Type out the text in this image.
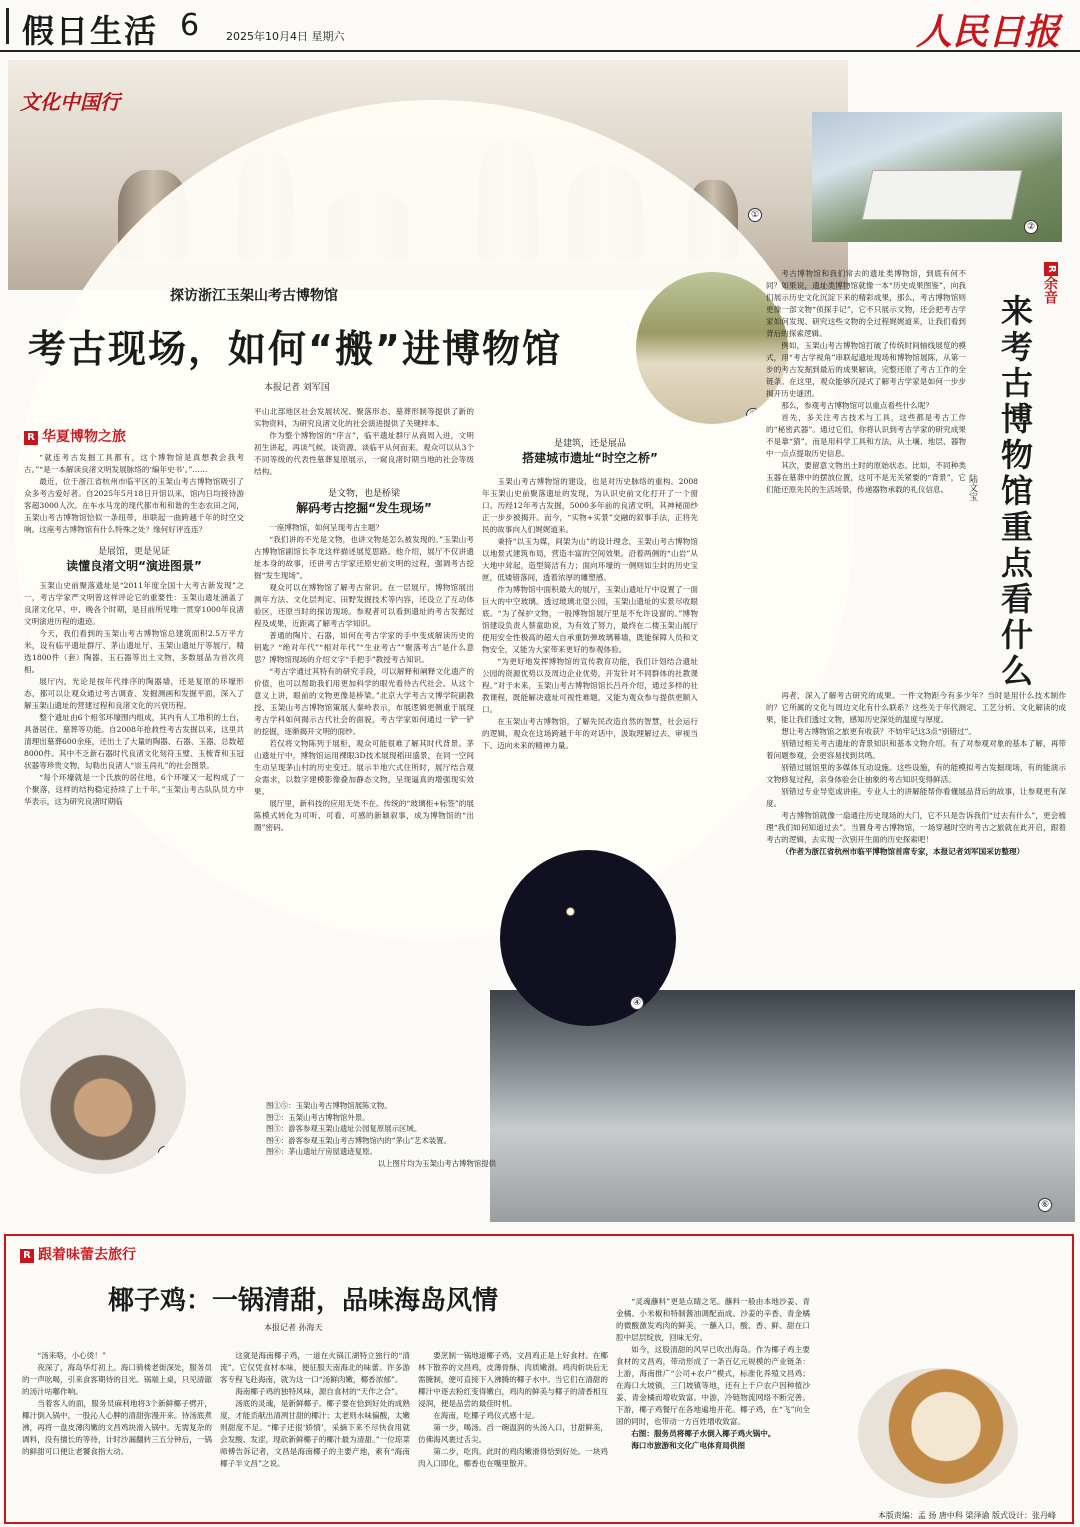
假日生活 6 2025年10月4日 星期六	人民日报
①
文化中国行
②
③
⑥
④
⑤
探访浙江玉架山考古博物馆
考古现场，如何“搬”进博物馆
本报记者 刘军国
R 华夏博物之旅

“就连考古发掘工具都有，这个博物馆是真想教会我考古。”“是一本解读良渚文明发展脉络的‘编年史书’。”……

最近，位于浙江省杭州市临平区的玉架山考古博物馆吸引了众多考古爱好者。自2025年5月18日开馆以来，馆内日均接待游客超3000人次。在车水马龙的现代都市和和谐的生态农田之间，玉架山考古博物馆恰似一条纽带，串联起一曲跨越千年的时空交响。这座考古博物馆有什么特殊之处？缘何好评连连？

是展馆，更是见证
读懂良渚文明“演进图景”

玉架山史前聚落遗址是“2011年度全国十大考古新发现”之一，考古学家严文明曾这样评论它的重要性：玉架山遗址涵盖了良渚文化早、中、晚各个时期，是目前所见唯一贯穿1000年良渚文明演进历程的遗迹。

今天，我们看到的玉架山考古博物馆总建筑面积2.5万平方米，设有临平遗址群厅、茅山遗址厅、玉架山遗址厅等展厅，精选1800件（套）陶器、玉石器等出土文物，多数展品为首次亮相。

展厅内，光论是按年代排序的陶器墙，还是复原的环壕形态，都可以让观众通过考古调查、发掘测画和发掘平面，深入了解玉架山遗址的营建过程和良渚文化的兴衰历程。

整个遗址由6个相邻环壕围内组成，其内有人工堆积的土台，具备居住、墓葬等功能。自2008年抢救性考古发掘以来，这里共清理出墓葬600余座，还出土了大量的陶器、石器、玉器，总数超8000件。其中不乏新石器时代良渚文化刻符玉璧、玉梳背和玉冠状器等珍贵文物，勾勒出良渚人“崇玉尚礼”的社会图景。

“每个环壕就是一个氏族的居住地，6个环壕又一起构成了一个聚落，这样的结构稳定持续了上千年。”玉架山考古队队员方中华表示，这为研究良渚时期临

平山北部地区社会发展状况、聚落形态、墓葬形制等提供了新的实物资料，为研究良渚文化的社会演进提供了关键样本。

作为整个博物馆的“序言”，临平遗址群厅从商周入进，文明初生讲起，再谈气候、谈资源、谈临平从何而来。观众可以从3个不同等级的代表性墓葬复原展示，一窥良渚时期当地的社会等级结构。

是文物，也是桥梁
解码考古挖掘“发生现场”

一座博物馆，如何呈现考古主题？

“我们讲的不光是文物，也讲文物是怎么被发现的。”玉架山考古博物馆副馆长李龙这样描述展览思路。他介绍，展厅不仅讲遗址本身的故事，还讲考古学家还原史前文明的过程，强调考古挖掘“发生现场”。

观众可以在博物馆了解考古常识。在一层展厅，博物馆展出测年方法、文化层判定、田野发掘技术等内容，还设立了互动体验区，还原当时的探访现场。参观者可以看到遗址的考古发掘过程及成果，近距离了解考古学知识。

普通的陶片、石器，如何在考古学家的手中变成解读历史的钥匙？“绝对年代”“相对年代”“生业考古”“聚落考古”是什么意思？博物馆现场的介绍文字“手把手”教授考古知识。

“考古学通过其特有的研究手段，可以解释和阐释文化遗产的价值，也可以帮助我们用更加科学的眼光看待古代社会。从这个意义上讲，眼前的文物更像是桥梁。”北京大学考古文博学院副教授、玉架山考古博物馆策展人秦岭表示，布展逻辑更侧重于展现考古学科如何揭示古代社会的面貌，考古学家如何通过一铲一铲的挖掘，逐渐揭开文明的面纱。

若仅将文物陈列于展柜，观众可能很难了解其时代背景。茅山遗址厅中，博物馆运用裸眼3D技术展现稻田盛景，在同一空间生动呈现茅山村的历史变迁。展示半地穴式住所时，展厅结合观众需求，以数字建模影像叠加静态文物，呈现逼真的增强现实效果。

展厅里，新科技的应用无处不在。传统的“玻璃柜+标签”的展陈模式转化为可听、可看、可感的新颖叙事，成为博物馆的“出圈”密码。

是建筑，还是展品
搭建城市遗址“时空之桥”

玉架山考古博物馆的建设，也是对历史脉络的重构。2008年玉架山史前聚落遗址的发现，为认识史前文化打开了一个窗口。历经12年考古发掘，5000多年前的良渚文明，其神秘面纱正一步步被揭开。而今，“实物+实景”交融的叙事手法，正将先民的故事向人们娓娓道来。

秉持“以玉为媒，间架为山”的设计理念，玉架山考古博物馆以地景式建筑布局，营造丰富的空间效果。沿着两侧的“山岩”从大地中耸起，造型简洁有力；面向环壕的一侧则如尘封的历史宝匣，低矮错落间，透着浓厚的雕塑感。

作为博物馆中面积最大的展厅，玉架山遗址厅中设置了一面巨大的中空玻璃。透过玻璃北望公园，玉架山遗址的实景尽收眼底。“为了保护文物，一般博物馆展厅里是不允许设窗的。”博物馆建设负责人蔡童助说，为有效了努力，最终在二楼玉架山展厅使用安全性极高的超大自承重防弹玻璃幕墙，既能保障人员和文物安全，又能为大家带来更好的参观体验。

“为更好地发挥博物馆的宣传教育功能，我们计划结合遗址公园的资源优势以及周边企业优势，开发针对不同群体的社教课程。”对于未来，玉架山考古博物馆馆长吕丹介绍，通过多样的社教课程，既能解决遗址可视性难题，又能为观众参与提供更顺入口。

在玉架山考古博物馆，了解先民改造自然的智慧，社会运行的逻辑，观众在这场跨越千年的对话中，汲取理解过去、审视当下、迈向未来的精神力量。

图①⑤：玉架山考古博物馆展陈文物。
图②：玉架山考古博物馆外景。
图③：游客参观玉架山遗址公园复原展示区域。
图④：游客参观玉架山考古博物馆内的“茅山”艺术装置。
图⑥：茅山遗址厅房屋遗迹复原。
以上图片均为玉架山考古博物馆提供
R 余音
来考古博物馆重点看什么
陆文宝

考古博物馆和我们常去的遗址类博物馆，到底有何不同？如果说，遗址类博物馆就像一本“历史成果图鉴”，向我们展示历史文化沉淀下来的精彩成果，那么，考古博物馆则更像一部文物“侦探手记”，它不只展示文物，还会把考古学家如何发现、研究这些文物的全过程娓娓道来，让我们看到背后的探索逻辑。

例如，玉架山考古博物馆打破了传统时间轴线展览的模式，用“考古学视角”串联起遗址现场和博物馆展陈，从第一步的考古发掘到最后的成果解读，完整还原了考古工作的全链条。在这里，观众能够沉浸式了解考古学家是如何一步步揭开历史谜团。

那么，参观考古博物馆可以重点看些什么呢？

首先，多关注考古技术与工具，这些都是考古工作的“秘密武器”。通过它们，你将认识到考古学家的研究成果不是靠“猜”，而是用科学工具和方法，从土壤、地层、器物中一点点提取历史信息。

其次，要留意文物出土时的原始状态。比如，不同种类玉器在墓葬中的摆放位置，这可不是无关紧要的“背景”，它们能还原先民的生活场景，传递器物承载的礼仪信息。

再者，深入了解考古研究的成果。一件文物距今有多少年？当时是用什么技术制作的？它所属的文化与周边文化有什么联系？这些关于年代测定、工艺分析、文化解读的成果，能让我们透过文物，感知历史深处的温度与厚度。

想让考古博物馆之旅更有收获？不妨牢记这3点“别错过”。

别错过相关考古遗址的背景知识和基本文物介绍。有了对参观对象的基本了解，再带着问题参观，会更容易找到共鸣。

别错过展馆里的多媒体互动设施。这些设施，有的能模拟考古发掘现场，有的能演示文物修复过程，亲身体验会让抽象的考古知识变得鲜活。

别错过专业导览或讲座。专业人士的讲解能帮你看懂展品背后的故事，让参观更有深度。

考古博物馆就像一扇通往历史现场的大门，它不只是告诉我们“过去有什么”，更会梳理“我们如何知道过去”。当置身考古博物馆，一场穿越时空的考古之旅就在此开启，跟着考古的逻辑，去实现一次别开生面的历史探索吧！

（作者为浙江省杭州市临平博物馆首席专家，本报记者刘军国采访整理）

R 跟着味蕾去旅行
椰子鸡：一锅清甜，品味海岛风情
本报记者 孙海天

“汤来咯，小心烫！”

夜深了，海岛华灯初上。海口骑楼老街深处，服务员的一声吆喝，引来食客期待的目光。锅端上桌，只见清澈的汤汁咕嘟作响。

当着客人的面，服务员麻利地将3个新鲜椰子劈开，椰汁倒入锅中，一股沁人心脾的清甜弥漫开来。待汤底煮沸，再将一盘皮薄肉嫩的文昌鸡块滑入锅中。无需复杂的调料，没有擅长的等待，计时沙漏翻转三五分钟后，一锅的鲜甜可口便让老饕食指大动。

这就是海南椰子鸡，一道在火锅江湖特立独行的“清流”。它仅凭食材本味，便征服天南海北的味蕾。许多游客专程飞赴海南，就为这一口“汤鲜肉嫩，椰香浓郁”。

海南椰子鸡的独特风味，源自食材的“天作之合”。

汤底的灵魂，是新鲜椰子。椰子要在恰到好处的成熟度，才能贡献出清冽甘甜的椰汁；太老则水味偏酸，太嫩则甜度不足。“椰子还很‘娇情’，采摘下来不尽快食用就会发酸、发涩，现砍新鲜椰子的椰汁最为清甜。”一位琼菜师傅告诉记者，文昌是海南椰子的主要产地，素有“海南椰子半文昌”之说。

要烹制一锅地道椰子鸡，文昌鸡正是上好食材。在椰林下散养的文昌鸡，皮薄骨酥、肉质嫩滑。鸡肉斩块后无需腌制，便可直接下入沸腾的椰子水中。当它们在清甜的椰汁中逐去粉红变得嫩白，鸡肉的鲜美与椰子的清香相互浸润，便是品尝的最佳时机。

在海南，吃椰子鸡仪式感十足。

第一步，喝汤。舀一碗温润的头汤入口，甘甜鲜美，仿佛海风裹过舌尖。

第二步，吃肉。此时的鸡肉嫩滑得恰到好处。一块鸡肉入口即化，椰香也在嘴里散开。

“灵魂蘸料”更是点睛之笔。蘸料一般由本地沙姜、青金橘、小米椒和特制酱油调配而成。沙姜的辛香、青金橘的微酸激发鸡肉的鲜美，一蘸入口，酸、香、鲜、甜在口腔中层层绽放，回味无穷。

如今，这股清甜的风早已吹出海岛。作为椰子鸡主要食材的文昌鸡，带动形成了一条百亿元规模的产业链条：上游，海南推广“公司+农户”模式，标准化养殖文昌鸡；在海口大坡镇，三门坡镇等地，还有上千户农户因种植沙姜、青金橘而增收致富。中游，冷链物流网络不断完善。下游，椰子鸡餐厅在各地遍地开花。椰子鸡，在“飞”向全国的同时，也带动一方百姓增收致富。

右图：服务员将椰子水倒入椰子鸡火锅中。

海口市旅游和文化广电体育局供图

本版责编：孟 扬 唐中科 梁泽谕 版式设计：张丹峰
